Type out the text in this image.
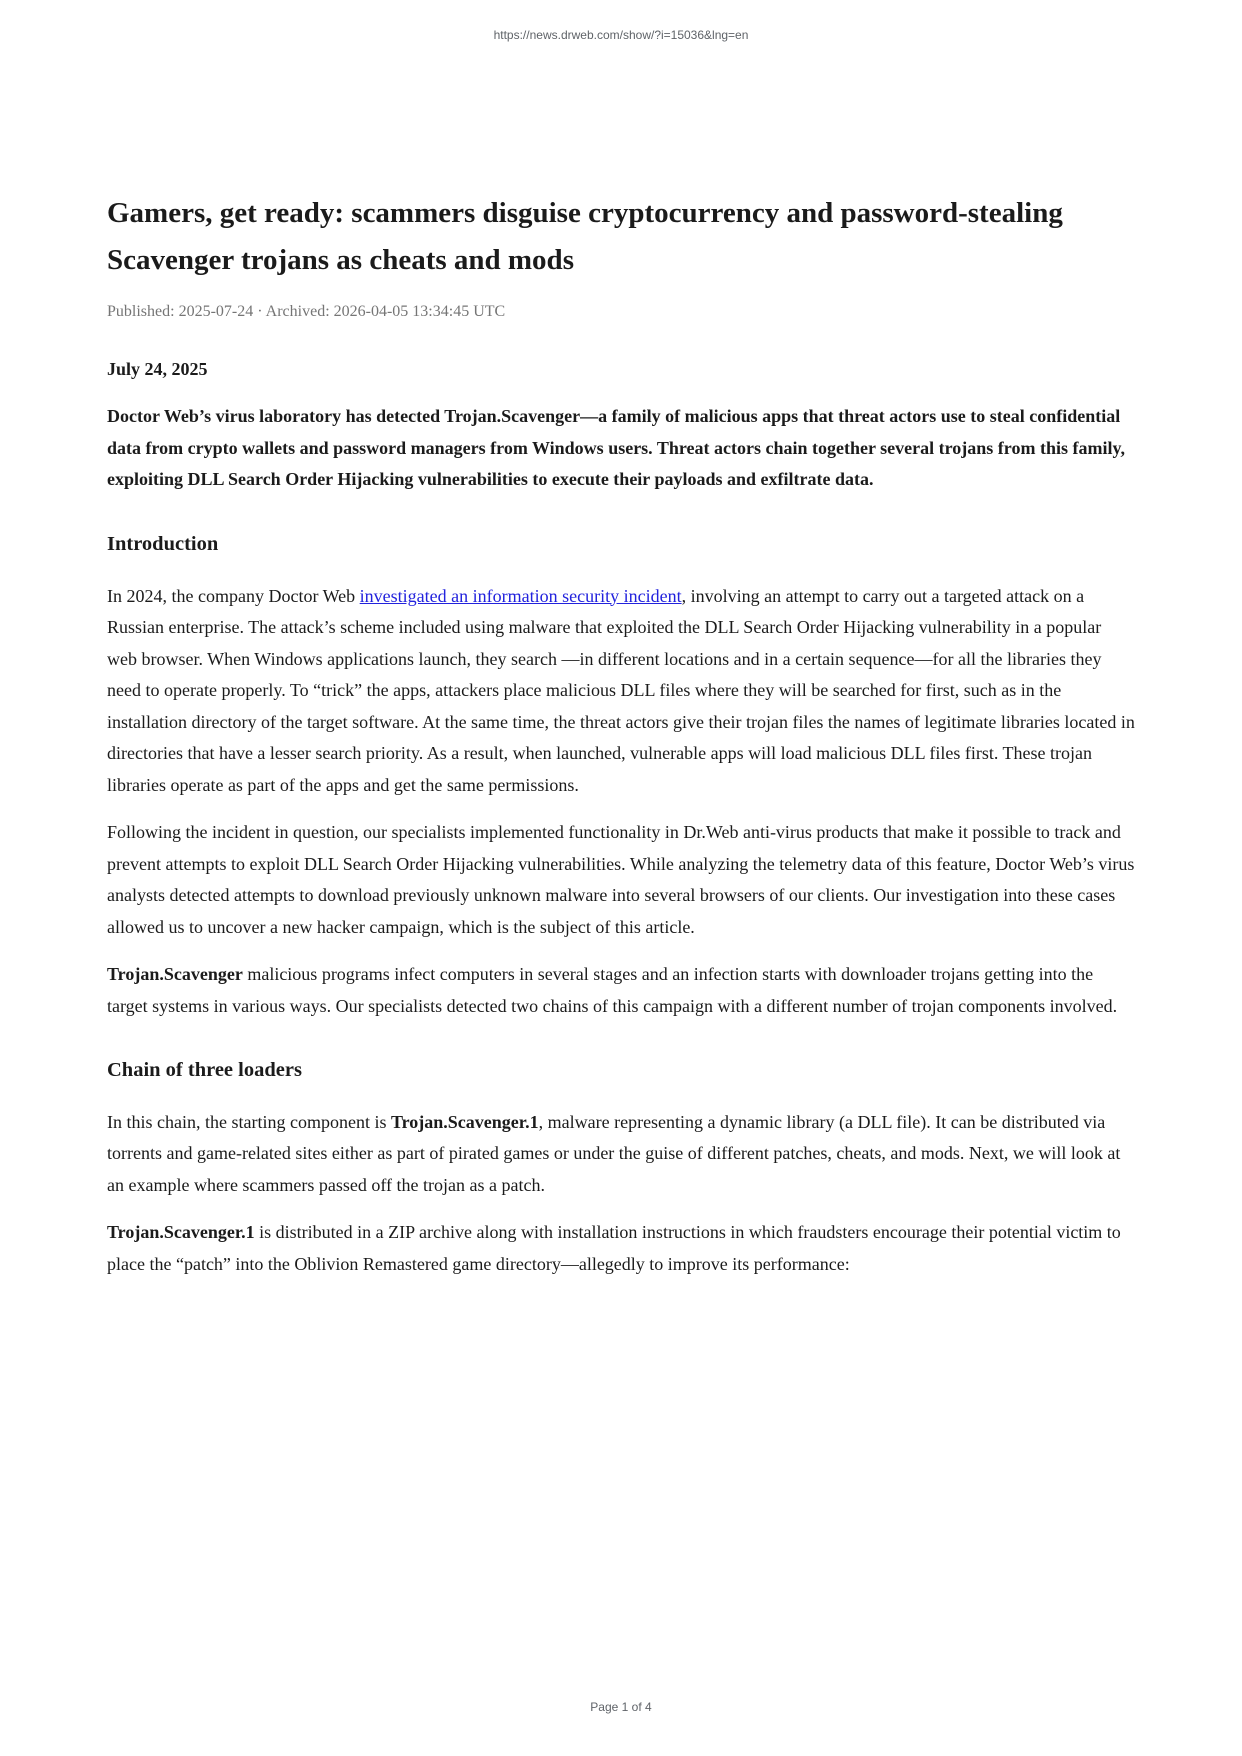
https://news.drweb.com/show/?i=15036&lng=en
Gamers, get ready: scammers disguise cryptocurrency and password-stealing Scavenger trojans as cheats and mods

Published: 2025-07-24 · Archived: 2026-04-05 13:34:45 UTC

July 24, 2025

Doctor Web’s virus laboratory has detected Trojan.Scavenger—a family of malicious apps that threat actors use to steal confidential data from crypto wallets and password managers from Windows users. Threat actors chain together several trojans from this family, exploiting DLL Search Order Hijacking vulnerabilities to execute their payloads and exfiltrate data.

Introduction

In 2024, the company Doctor Web investigated an information security incident, involving an attempt to carry out a targeted attack on a Russian enterprise. The attack’s scheme included using malware that exploited the DLL Search Order Hijacking vulnerability in a popular web browser. When Windows applications launch, they search —in different locations and in a certain sequence—for all the libraries they need to operate properly. To “trick” the apps, attackers place malicious DLL files where they will be searched for first, such as in the installation directory of the target software. At the same time, the threat actors give their trojan files the names of legitimate libraries located in directories that have a lesser search priority. As a result, when launched, vulnerable apps will load malicious DLL files first. These trojan libraries operate as part of the apps and get the same permissions.

Following the incident in question, our specialists implemented functionality in Dr.Web anti-virus products that make it possible to track and prevent attempts to exploit DLL Search Order Hijacking vulnerabilities. While analyzing the telemetry data of this feature, Doctor Web’s virus analysts detected attempts to download previously unknown malware into several browsers of our clients. Our investigation into these cases allowed us to uncover a new hacker campaign, which is the subject of this article.

Trojan.Scavenger malicious programs infect computers in several stages and an infection starts with downloader trojans getting into the target systems in various ways. Our specialists detected two chains of this campaign with a different number of trojan components involved.

Chain of three loaders

In this chain, the starting component is Trojan.Scavenger.1, malware representing a dynamic library (a DLL file). It can be distributed via torrents and game-related sites either as part of pirated games or under the guise of different patches, cheats, and mods. Next, we will look at an example where scammers passed off the trojan as a patch.

Trojan.Scavenger.1 is distributed in a ZIP archive along with installation instructions in which fraudsters encourage their potential victim to place the “patch” into the Oblivion Remastered game directory—allegedly to improve its performance:

Page 1 of 4
